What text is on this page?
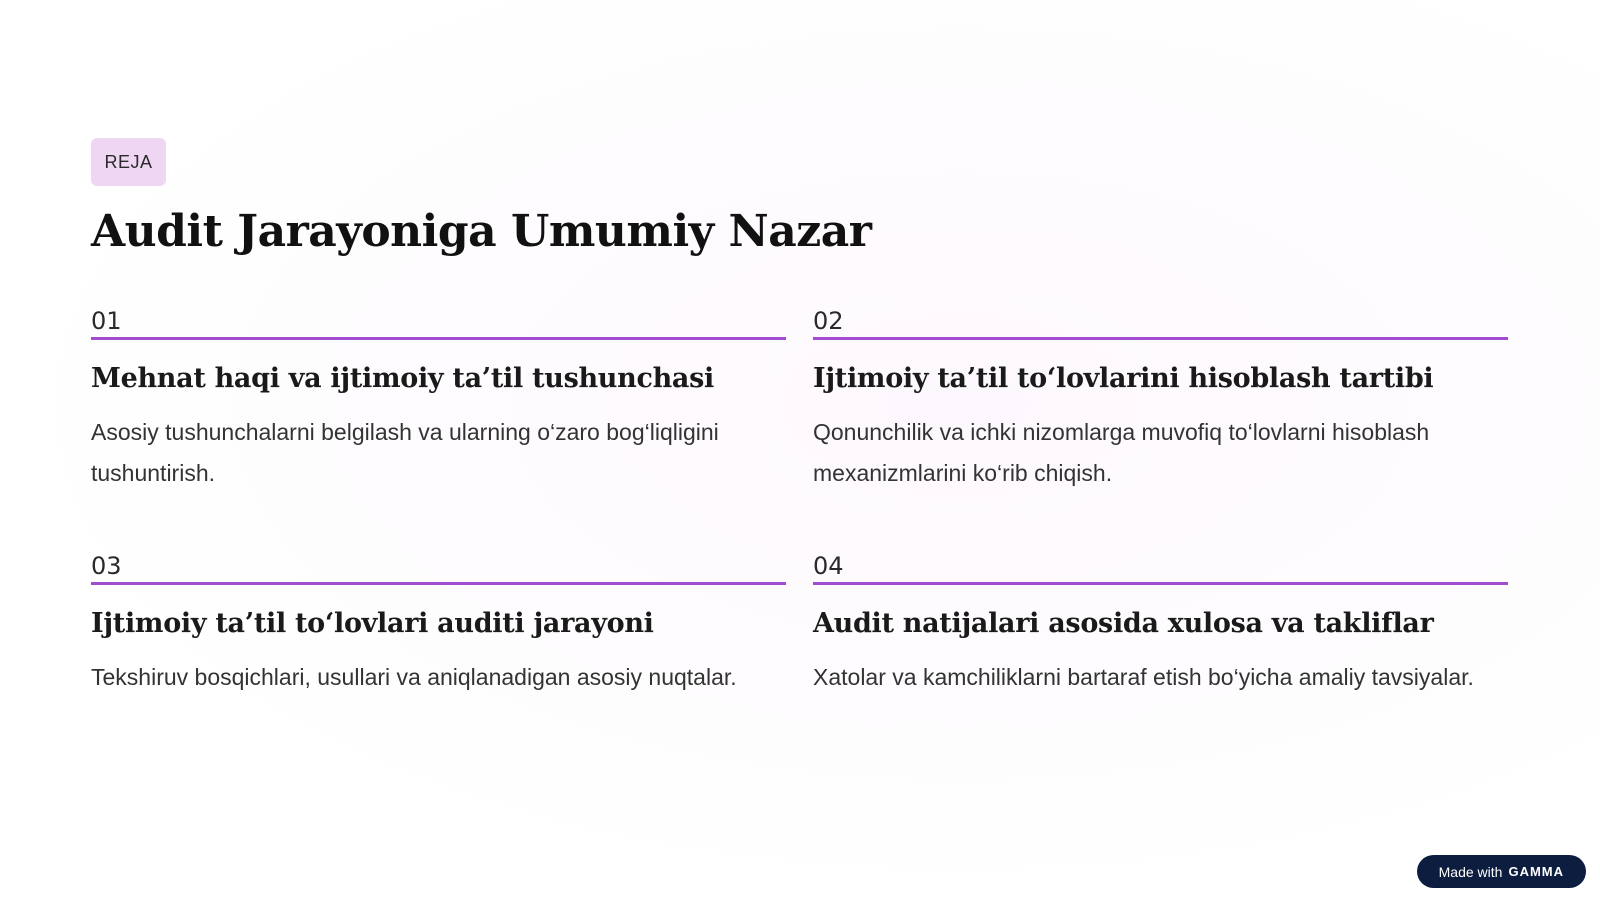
REJA
Audit Jarayoniga Umumiy Nazar
01
Mehnat haqi va ijtimoiy ta’til tushunchasi
Asosiy tushunchalarni belgilash va ularning o‘zaro bog‘liqligini tushuntirish.
02
Ijtimoiy ta’til to‘lovlarini hisoblash tartibi
Qonunchilik va ichki nizomlarga muvofiq to‘lovlarni hisoblash mexanizmlarini ko‘rib chiqish.
03
Ijtimoiy ta’til to‘lovlari auditi jarayoni
Tekshiruv bosqichlari, usullari va aniqlanadigan asosiy nuqtalar.
04
Audit natijalari asosida xulosa va takliflar
Xatolar va kamchiliklarni bartaraf etish bo‘yicha amaliy tavsiyalar.
Made with GAMMA
